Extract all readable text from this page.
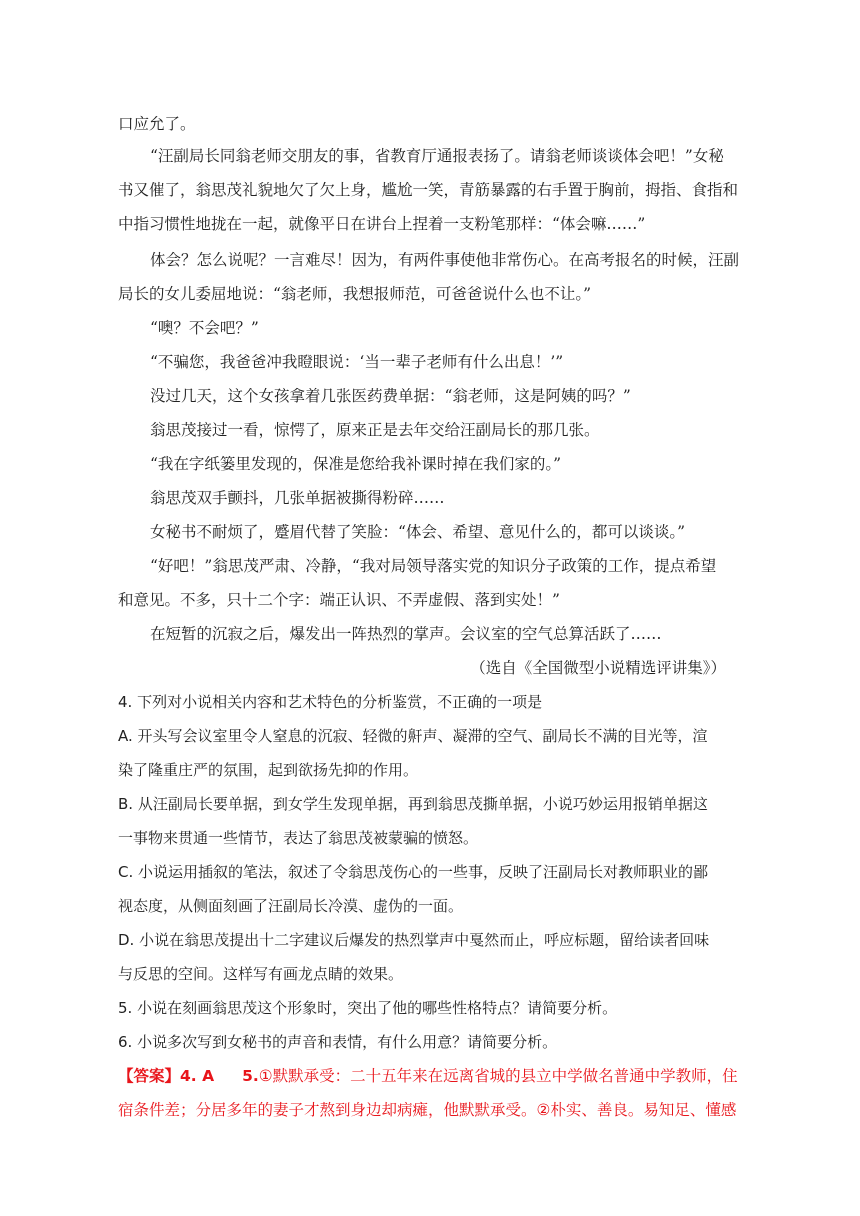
口应允了。
“汪副局长同翁老师交朋友的事，省教育厅通报表扬了。请翁老师谈谈体会吧！”女秘
书又催了，翁思茂礼貌地欠了欠上身，尴尬一笑，青筋暴露的右手置于胸前，拇指、食指和
中指习惯性地拢在一起，就像平日在讲台上捏着一支粉笔那样：“体会嘛……”
体会？怎么说呢？一言难尽！因为，有两件事使他非常伤心。在高考报名的时候，汪副
局长的女儿委屈地说：“翁老师，我想报师范，可爸爸说什么也不让。”
“噢？不会吧？”
“不骗您，我爸爸冲我瞪眼说：‘当一辈子老师有什么出息！’”
没过几天，这个女孩拿着几张医药费单据：“翁老师，这是阿姨的吗？”
翁思茂接过一看，惊愕了，原来正是去年交给汪副局长的那几张。
“我在字纸篓里发现的，保准是您给我补课时掉在我们家的。”
翁思茂双手颤抖，几张单据被撕得粉碎……
女秘书不耐烦了，蹙眉代替了笑脸：“体会、希望、意见什么的，都可以谈谈。”
“好吧！”翁思茂严肃、冷静，“我对局领导落实党的知识分子政策的工作，提点希望
和意见。不多，只十二个字：端正认识、不弄虚假、落到实处！”
在短暂的沉寂之后，爆发出一阵热烈的掌声。会议室的空气总算活跃了……
（选自《全国微型小说精选评讲集》）
4. 下列对小说相关内容和艺术特色的分析鉴赏，不正确的一项是
A. 开头写会议室里令人窒息的沉寂、轻微的鼾声、凝滞的空气、副局长不满的目光等，渲
染了隆重庄严的氛围，起到欲扬先抑的作用。
B. 从汪副局长要单据，到女学生发现单据，再到翁思茂撕单据，小说巧妙运用报销单据这
一事物来贯通一些情节，表达了翁思茂被蒙骗的愤怒。
C. 小说运用插叙的笔法，叙述了令翁思茂伤心的一些事，反映了汪副局长对教师职业的鄙
视态度，从侧面刻画了汪副局长冷漠、虚伪的一面。
D. 小说在翁思茂提出十二字建议后爆发的热烈掌声中戛然而止，呼应标题，留给读者回味
与反思的空间。这样写有画龙点睛的效果。
5. 小说在刻画翁思茂这个形象时，突出了他的哪些性格特点？请简要分析。
6. 小说多次写到女秘书的声音和表情，有什么用意？请简要分析。
【答案】4. A 5.①默默承受：二十五年来在远离省城的县立中学做名普通中学教师，住
宿条件差；分居多年的妻子才熬到身边却病瘫，他默默承受。②朴实、善良。易知足、懂感
